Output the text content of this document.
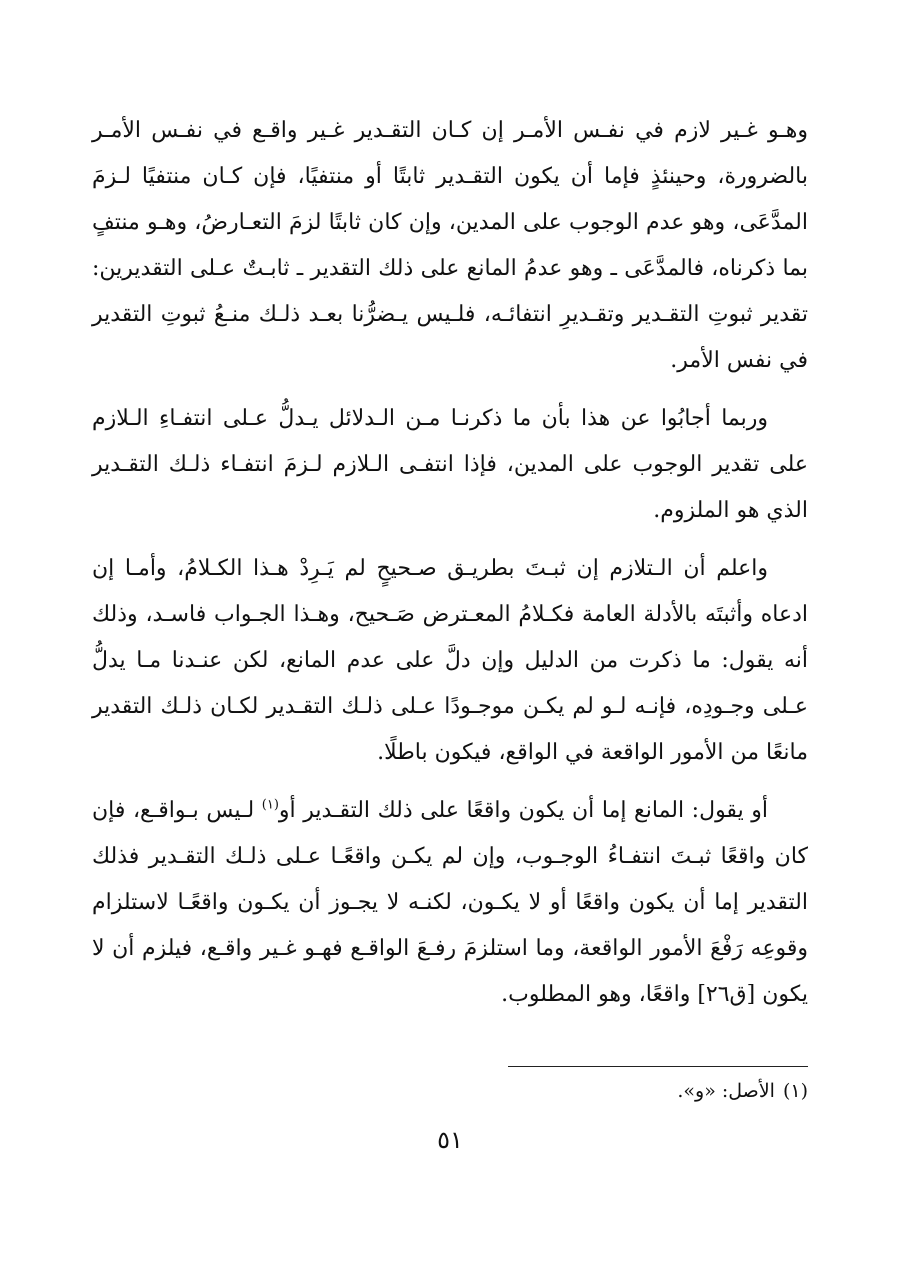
وهـو غـير لازم في نفـس الأمـر إن كـان التقـدير غـير واقـع في نفـس الأمـر بالضرورة، وحينئذٍ فإما أن يكون التقـدير ثابتًا أو منتفيًا، فإن كـان منتفيًا لـزمَ المدَّعَى، وهو عدم الوجوب على المدين، وإن كان ثابتًا لزمَ التعـارضُ، وهـو منتفٍ بما ذكرناه، فالمدَّعَى ـ وهو عدمُ المانع على ذلك التقدير ـ ثابـتٌ عـلى التقديرين: تقدير ثبوتِ التقـدير وتقـديرِ انتفائـه، فلـيس يـضرُّنا بعـد ذلـك منـعُ ثبوتِ التقدير في نفس الأمر.

وربما أجابُوا عن هذا بأن ما ذكرنـا مـن الـدلائل يـدلُّ عـلى انتفـاءِ الـلازم على تقدير الوجوب على المدين، فإذا انتفـى الـلازم لـزمَ انتفـاء ذلـك التقـدير الذي هو الملزوم.

واعلم أن الـتلازم إن ثبـتَ بطريـق صـحيحٍ لم يَـرِدْ هـذا الكـلامُ، وأمـا إن ادعاه وأثبتَه بالأدلة العامة فكـلامُ المعـترض صَـحيح، وهـذا الجـواب فاسـد، وذلك أنه يقول: ما ذكرت من الدليل وإن دلَّ على عدم المانع، لكن عنـدنا مـا يدلُّ عـلى وجـودِه، فإنـه لـو لم يكـن موجـودًا عـلى ذلـك التقـدير لكـان ذلـك التقدير مانعًا من الأمور الواقعة في الواقع، فيكون باطلًا.

أو يقول: المانع إما أن يكون واقعًا على ذلك التقـدير أو$^{(١)}$ لـيس بـواقـع، فإن كان واقعًا ثبـتَ انتفـاءُ الوجـوب، وإن لم يكـن واقعًـا عـلى ذلـك التقـدير فذلك التقدير إما أن يكون واقعًا أو لا يكـون، لكنـه لا يجـوز أن يكـون واقعًـا لاستلزام وقوعِه رَفْعَ الأمور الواقعة، وما استلزمَ رفـعَ الواقـع فهـو غـير واقـع، فيلزم أن لا يكون [ق٢٦] واقعًا، وهو المطلوب.

(١)الأصل: «و».
٥١
